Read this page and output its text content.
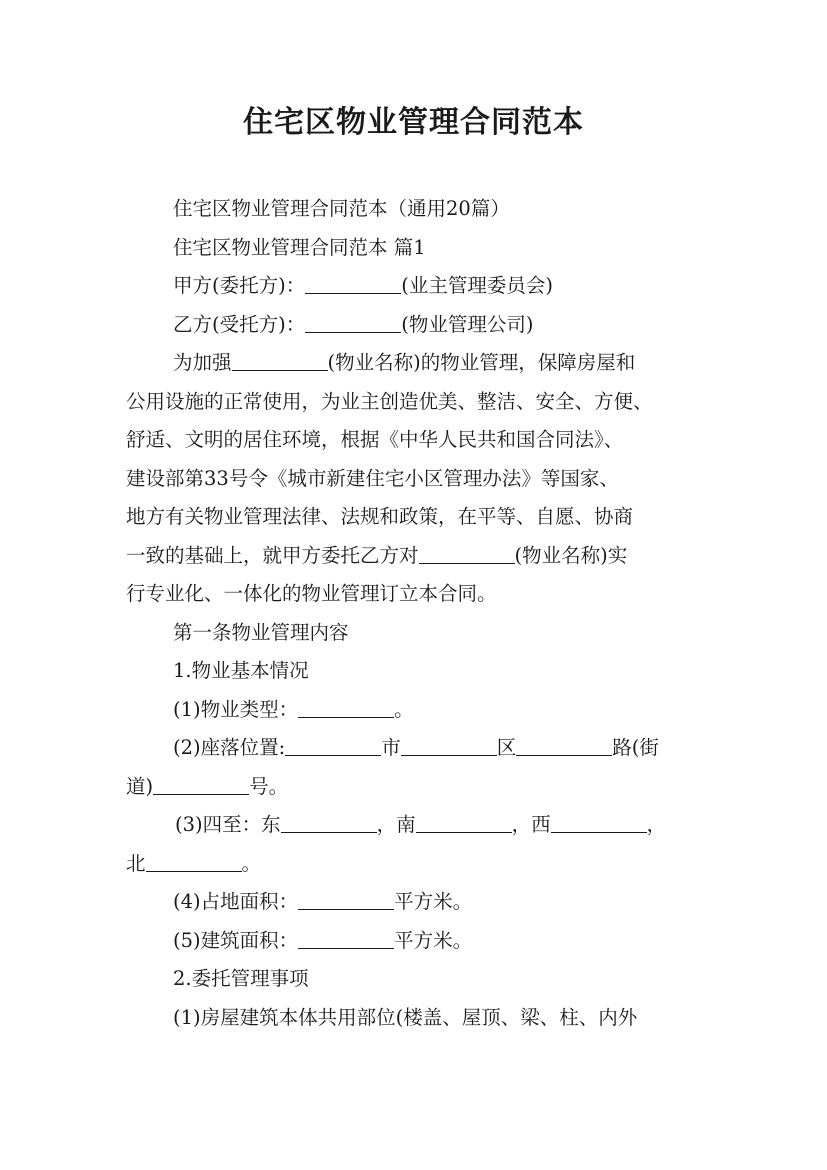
住宅区物业管理合同范本

住宅区物业管理合同范本（通用20篇）

住宅区物业管理合同范本 篇1

甲方(委托方)：	(业主管理委员会)

乙方(受托方)：	(物业管理公司)

为加强	(物业名称)的物业管理，保障房屋和

公用设施的正常使用，为业主创造优美、整洁、安全、方便、

舒适、文明的居住环境，根据《中华人民共和国合同法》、

建设部第33号令《城市新建住宅小区管理办法》等国家、

地方有关物业管理法律、法规和政策，在平等、自愿、协商

一致的基础上，就甲方委托乙方对	(物业名称)实

行专业化、一体化的物业管理订立本合同。

第一条物业管理内容

1.物业基本情况

(1)物业类型：	。

(2)座落位置:	市	区	路(街

道)	号。

(3)四至：东	，南	，西	，

北	。

(4)占地面积：	平方米。

(5)建筑面积：	平方米。

2.委托管理事项

(1)房屋建筑本体共用部位(楼盖、屋顶、梁、柱、内外
